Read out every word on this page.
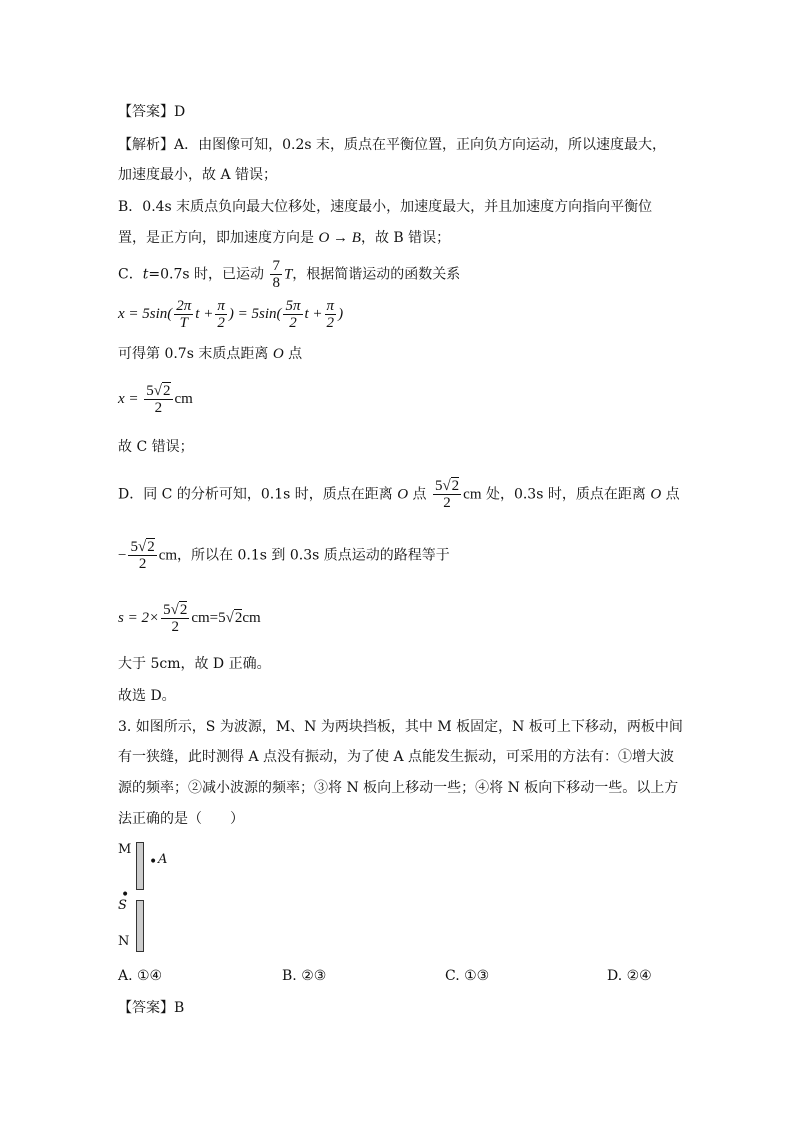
【答案】D
【解析】A．由图像可知，0.2s 末，质点在平衡位置，正向负方向运动，所以速度最大，
加速度最小，故 A 错误；
B．0.4s 末质点负向最大位移处，速度最小，加速度最大，并且加速度方向指向平衡位
置，是正方向，即加速度方向是 O → B，故 B 错误；
C．t=0.7s 时，已运动 $\frac{7}{8}$ T，根据简谐运动的函数关系
$x = 5\sin( \frac{2\pi}{T}$ $t + \frac{\pi}{2}$ ) = $5\sin( \frac{5\pi}{2}$ $t + \frac{\pi}{2}$ )
可得第 0.7s 末质点距离 O 点
$x = \frac{5√2}{2}$ cm
故 C 错误；
D．同 C 的分析可知，0.1s 时，质点在距离 O 点 $\frac{5√2}{2}$ cm 处，0.3s 时，质点在距离 O 点
− $\frac{5√2}{2}$ cm，所以在 0.1s 到 0.3s 质点运动的路程等于
$s = 2\times \frac{5√2}{2} cm=5√2cm$
大于 5cm，故 D 正确。
故选 D。
3. 如图所示，S 为波源，M、N 为两块挡板，其中 M 板固定，N 板可上下移动，两板中间
有一狭缝，此时测得 A 点没有振动，为了使 A 点能发生振动，可采用的方法有：①增大波
源的频率；②减小波源的频率；③将 N 板向上移动一些；④将 N 板向下移动一些。以上方
法正确的是（　　）
M
• A
•
S
N
A. ①④	B. ②③	C. ①③	D. ②④
【答案】B
